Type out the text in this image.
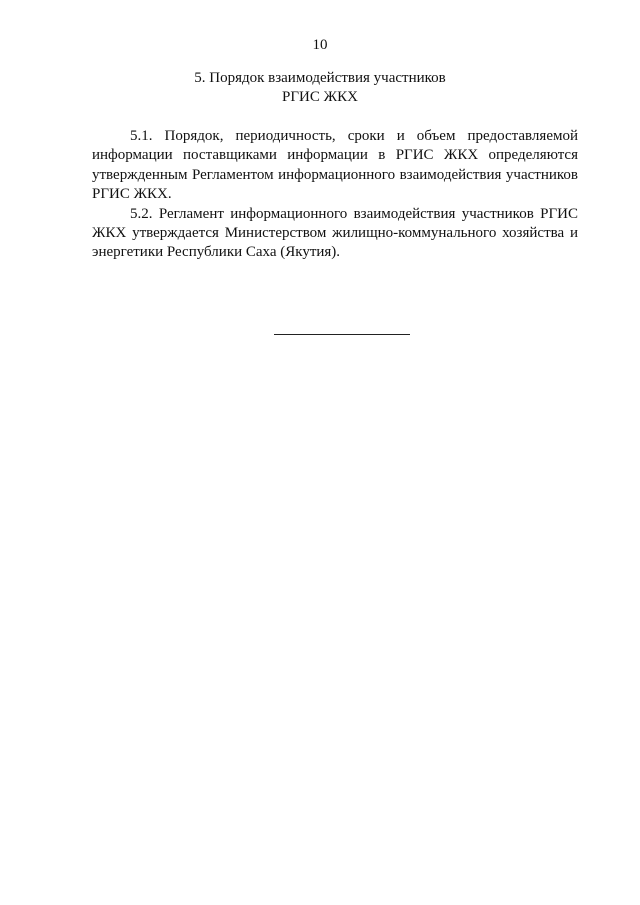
10
5. Порядок взаимодействия участников
РГИС ЖКХ

5.1. Порядок, периодичность, сроки и объем предоставляемой информации поставщиками информации в РГИС ЖКХ определяются утвержденным Регламентом информационного взаимодействия участников РГИС ЖКХ.

5.2. Регламент информационного взаимодействия участников РГИС ЖКХ утверждается Министерством жилищно-коммунального хозяйства и энергетики Республики Саха (Якутия).
